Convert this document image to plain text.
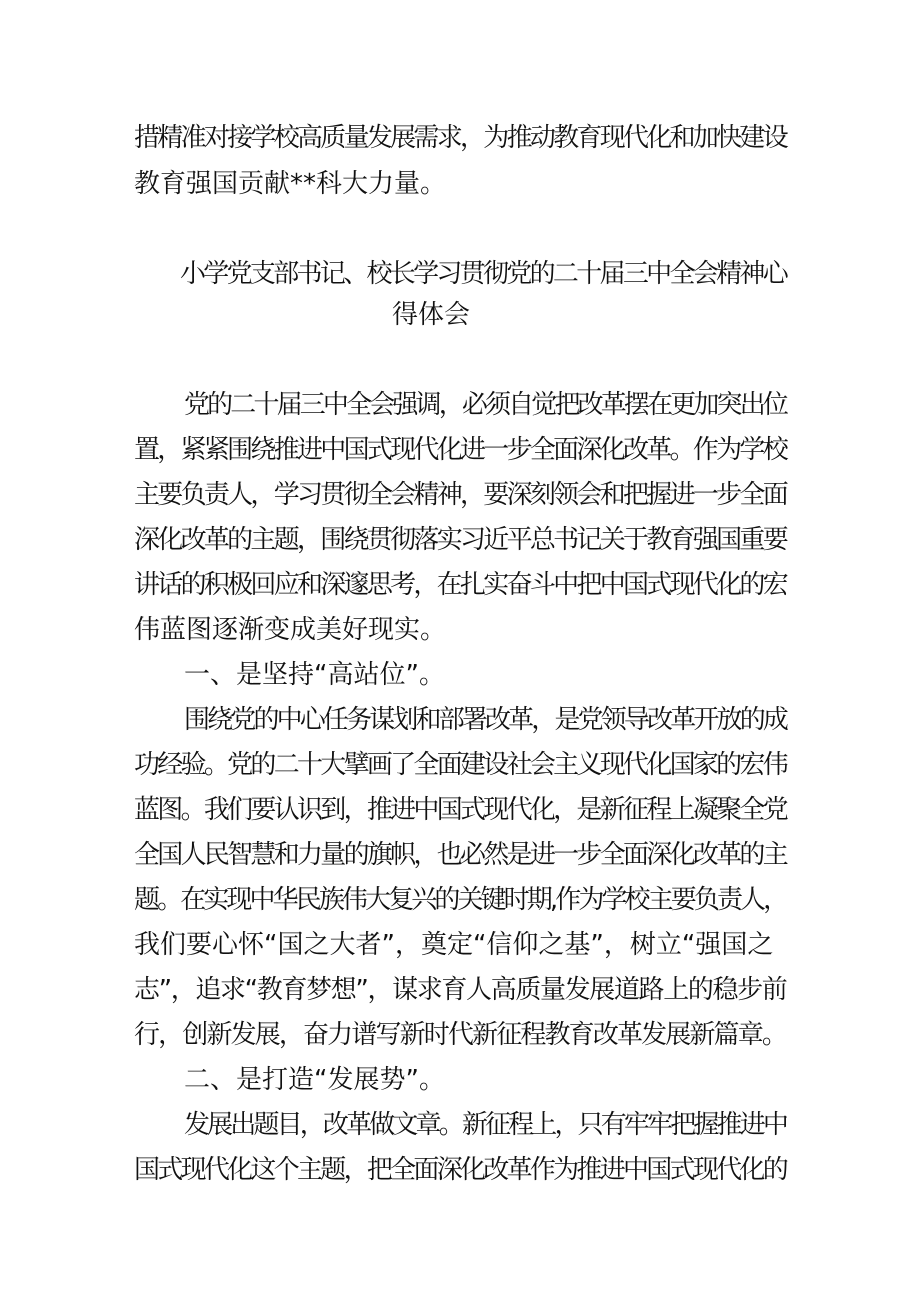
措精准对接学校高质量发展需求，为推动教育现代化和加快建设
教育强国贡献**科大力量。
小学党支部书记、校长学习贯彻党的二十届三中全会精神心
得体会
党的二十届三中全会强调，必须自觉把改革摆在更加突出位
置，紧紧围绕推进中国式现代化进一步全面深化改革。作为学校
主要负责人，学习贯彻全会精神，要深刻领会和把握进一步全面
深化改革的主题，围绕贯彻落实习近平总书记关于教育强国重要
讲话的积极回应和深邃思考，在扎实奋斗中把中国式现代化的宏
伟蓝图逐渐变成美好现实。
一、是坚持“高站位”。
围绕党的中心任务谋划和部署改革，是党领导改革开放的成
功经验。党的二十大擘画了全面建设社会主义现代化国家的宏伟
蓝图。我们要认识到，推进中国式现代化，是新征程上凝聚全党
全国人民智慧和力量的旗帜，也必然是进一步全面深化改革的主
题。在实现中华民族伟大复兴的关键时期,作为学校主要负责人，
我们要心怀“国之大者”，奠定“信仰之基”，树立“强国之
志”，追求“教育梦想”，谋求育人高质量发展道路上的稳步前
行，创新发展，奋力谱写新时代新征程教育改革发展新篇章。
二、是打造“发展势”。
发展出题目，改革做文章。新征程上，只有牢牢把握推进中
国式现代化这个主题，把全面深化改革作为推进中国式现代化的
